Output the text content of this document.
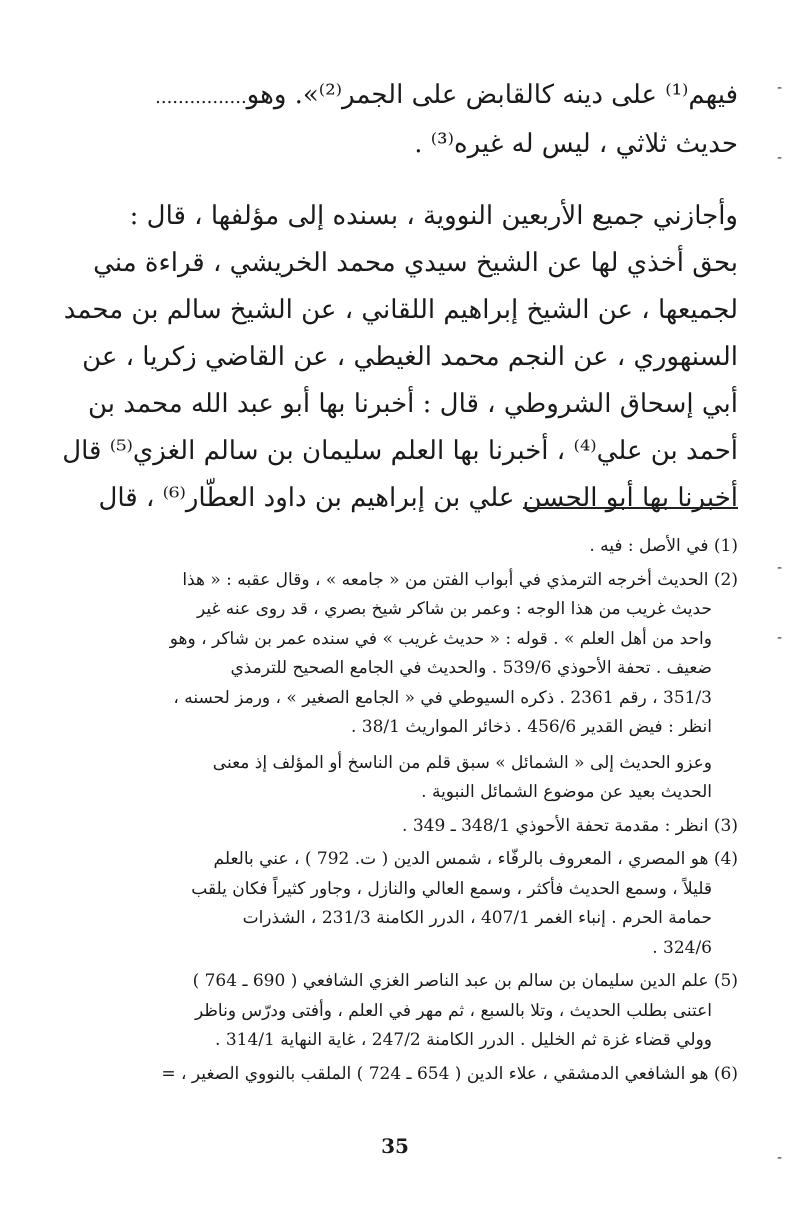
-
-
-
-
-
فيهم⁽¹⁾ على دينه كالقابض على الجمر⁽²⁾». وهو................
حديث ثلاثي ، ليس له غيره⁽³⁾ .
وأجازني جميع الأربعين النووية ، بسنده إلى مؤلفها ، قال :
بحق أخذي لها عن الشيخ سيدي محمد الخريشي ، قراءة مني
لجميعها ، عن الشيخ إبراهيم اللقاني ، عن الشيخ سالم بن محمد
السنهوري ، عن النجم محمد الغيطي ، عن القاضي زكريا ، عن
أبي إسحاق الشروطي ، قال : أخبرنا بها أبو عبد الله محمد بن
أحمد بن علي⁽⁴⁾ ، أخبرنا بها العلم سليمان بن سالم الغزي⁽⁵⁾ قال
أخبرنا بها أبو الحسن علي بن إبراهيم بن داود العطّار⁽⁶⁾ ، قال
(1) في الأصل : فيه .
(2) الحديث أخرجه الترمذي في أبواب الفتن من « جامعه » ، وقال عقبه : « هذا
حديث غريب من هذا الوجه : وعمر بن شاكر شيخ بصري ، قد روى عنه غير
واحد من أهل العلم » . قوله : « حديث غريب » في سنده عمر بن شاكر ، وهو
ضعيف . تحفة الأحوذي 539/6 . والحديث في الجامع الصحيح للترمذي
351/3 ، رقم 2361 . ذكره السيوطي في « الجامع الصغير » ، ورمز لحسنه ،
انظر : فيض القدير 456/6 . ذخائر المواريث 38/1 .
وعزو الحديث إلى « الشمائل » سبق قلم من الناسخ أو المؤلف إذ معنى
الحديث بعيد عن موضوع الشمائل النبوية .
(3) انظر : مقدمة تحفة الأحوذي 348/1 ـ 349 .
(4) هو المصري ، المعروف بالرفّاء ، شمس الدين ( ت. 792 ) ، عني بالعلم
قليلاً ، وسمع الحديث فأكثر ، وسمع العالي والنازل ، وجاور كثيراً فكان يلقب
حمامة الحرم . إنباء الغمر 407/1 ، الدرر الكامنة 231/3 ، الشذرات
324/6 .
(5) علم الدين سليمان بن سالم بن عبد الناصر الغزي الشافعي ( 690 ـ 764 )
اعتنى بطلب الحديث ، وتلا بالسبع ، ثم مهر في العلم ، وأفتى ودرّس وناظر
وولي قضاء غزة ثم الخليل . الدرر الكامنة 247/2 ، غاية النهاية 314/1 .
(6) هو الشافعي الدمشقي ، علاء الدين ( 654 ـ 724 ) الملقب بالنووي الصغير ، =
35
